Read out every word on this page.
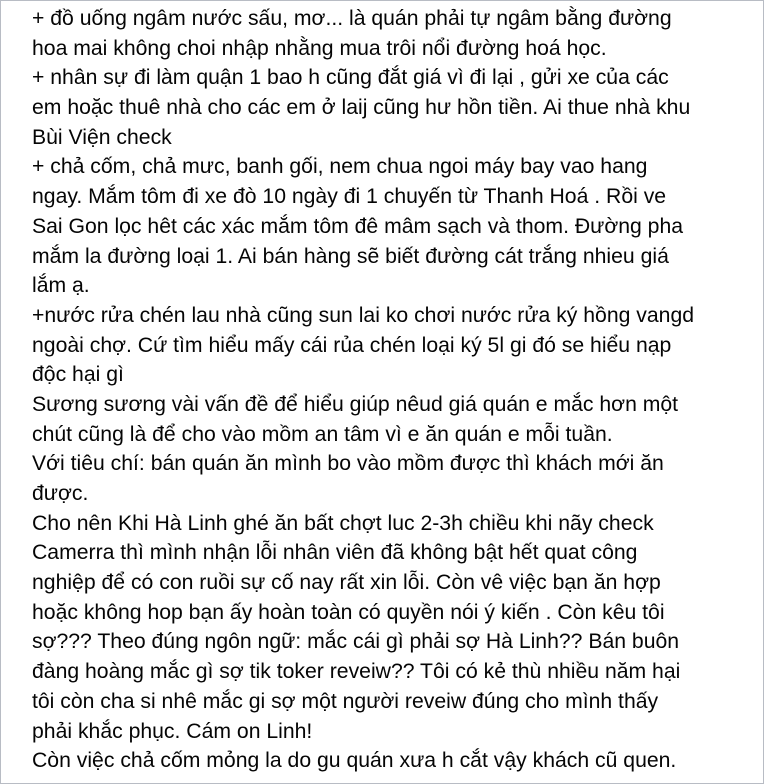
+ đồ uống ngâm nước sấu, mơ... là quán phải tự ngâm bằng đường
hoa mai không choi nhập nhằng mua trôi nổi đường hoá học.
+ nhân sự đi làm quận 1 bao h cũng đắt giá vì đi lại , gửi xe của các
em hoặc thuê nhà cho các em ở laij cũng hư hồn tiền. Ai thue nhà khu
Bùi Viện check
+ chả cốm, chả mưc, banh gối, nem chua ngoi máy bay vao hang
ngay. Mắm tôm đi xe đò 10 ngày đi 1 chuyến từ Thanh Hoá . Rồi ve
Sai Gon lọc hêt các xác mắm tôm đê mâm sạch và thom. Đường pha
mắm la đường loại 1. Ai bán hàng sẽ biết đường cát trắng nhieu giá
lắm ạ.
+nước rửa chén lau nhà cũng sun lai ko chơi nước rửa ký hồng vangd
ngoài chợ. Cứ tìm hiểu mấy cái rủa chén loại ký 5l gi đó se hiểu nạp
độc hại gì
Sương sương vài vấn đề để hiểu giúp nêud giá quán e mắc hơn một
chút cũng là để cho vào mồm an tâm vì e ăn quán e mỗi tuần.
Với tiêu chí: bán quán ăn mình bo vào mồm được thì khách mới ăn
được.
Cho nên Khi Hà Linh ghé ăn bất chợt luc 2-3h chiều khi nãy check
Camerra thì mình nhận lỗi nhân viên đã không bật hết quat công
nghiệp để có con ruồi sự cố nay rất xin lỗi. Còn vê việc bạn ăn hợp
hoặc không hop bạn ấy hoàn toàn có quyền nói ý kiến . Còn kêu tôi
sợ??? Theo đúng ngôn ngữ: mắc cái gì phải sợ Hà Linh?? Bán buôn
đàng hoàng mắc gì sợ tik toker reveiw?? Tôi có kẻ thù nhiều năm hại
tôi còn cha si nhê mắc gi sợ một người reveiw đúng cho mình thấy
phải khắc phục. Cám on Linh!
Còn việc chả cốm mỏng la do gu quán xưa h cắt vậy khách cũ quen.
